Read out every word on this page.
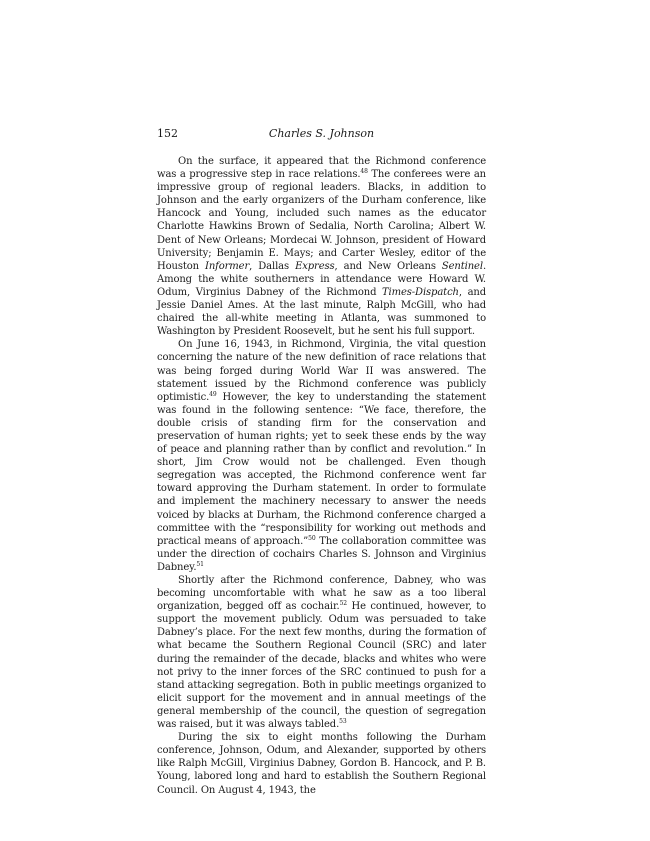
152	Charles S. Johnson

On the surface, it appeared that the Richmond conference was a progressive step in race relations.$^{48}$ The conferees were an impressive group of regional leaders. Blacks, in addition to Johnson and the early organizers of the Durham conference, like Hancock and Young, included such names as the educator Charlotte Hawkins Brown of Sedalia, North Carolina; Albert W. Dent of New Orleans; Mordecai W. Johnson, president of Howard University; Benjamin E. Mays; and Carter Wesley, editor of the Houston Informer, Dallas Express, and New Orleans Sentinel. Among the white southerners in attendance were Howard W. Odum, Virginius Dabney of the Richmond Times-Dispatch, and Jessie Daniel Ames. At the last minute, Ralph McGill, who had chaired the all-white meeting in Atlanta, was summoned to Washington by President Roosevelt, but he sent his full support.

On June 16, 1943, in Richmond, Virginia, the vital question concerning the nature of the new definition of race relations that was being forged during World War II was answered. The statement issued by the Richmond conference was publicly optimistic.$^{49}$ However, the key to understanding the statement was found in the following sentence: “We face, therefore, the double crisis of standing firm for the conservation and preservation of human rights; yet to seek these ends by the way of peace and planning rather than by conflict and revolution.” In short, Jim Crow would not be challenged. Even though segregation was accepted, the Richmond conference went far toward approving the Durham statement. In order to formulate and implement the machinery necessary to answer the needs voiced by blacks at Durham, the Richmond conference charged a committee with the “responsibility for working out methods and practical means of approach.”$^{50}$ The collaboration committee was under the direction of cochairs Charles S. Johnson and Virginius Dabney.$^{51}$

Shortly after the Richmond conference, Dabney, who was becoming uncomfortable with what he saw as a too liberal organization, begged off as cochair.$^{52}$ He continued, however, to support the movement publicly. Odum was persuaded to take Dabney’s place. For the next few months, during the formation of what became the Southern Regional Council (SRC) and later during the remainder of the decade, blacks and whites who were not privy to the inner forces of the SRC continued to push for a stand attacking segregation. Both in public meetings organized to elicit support for the movement and in annual meetings of the general membership of the council, the question of segregation was raised, but it was always tabled.$^{53}$

During the six to eight months following the Durham conference, Johnson, Odum, and Alexander, supported by others like Ralph McGill, Virginius Dabney, Gordon B. Hancock, and P. B. Young, labored long and hard to establish the Southern Regional Council. On August 4, 1943, the
